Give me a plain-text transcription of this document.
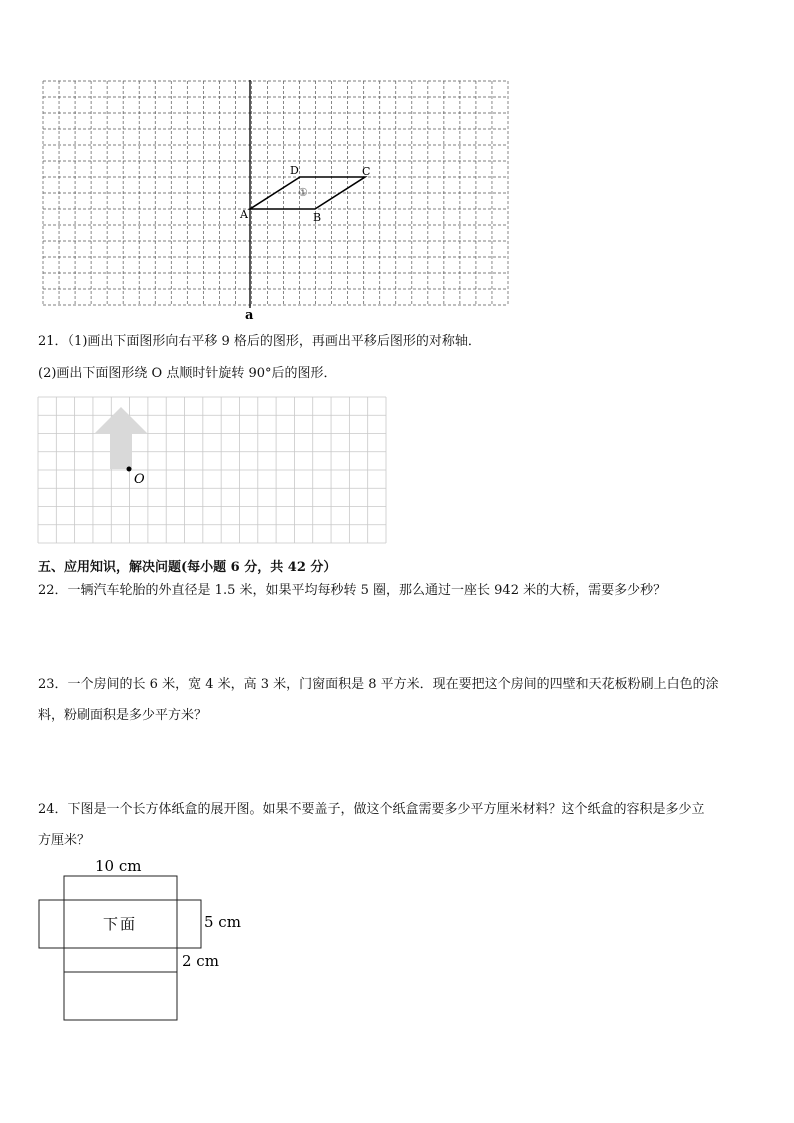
a
A	B
C
D
①
21．（1)画出下面图形向右平移 9 格后的图形，再画出平移后图形的对称轴．
(2)画出下面图形绕 O 点顺时针旋转 90°后的图形．
O
五、应用知识，解决问题(每小题 6 分，共 42 分）
22．一辆汽车轮胎的外直径是 1.5 米，如果平均每秒转 5 圈，那么通过一座长 942 米的大桥，需要多少秒？
23．一个房间的长 6 米，宽 4 米，高 3 米，门窗面积是 8 平方米．现在要把这个房间的四壁和天花板粉刷上白色的涂
料，粉刷面积是多少平方米？
24．下图是一个长方体纸盒的展开图。如果不要盖子，做这个纸盒需要多少平方厘米材料？这个纸盒的容积是多少立
方厘米？
10 cm
5 cm
2 cm
下面
